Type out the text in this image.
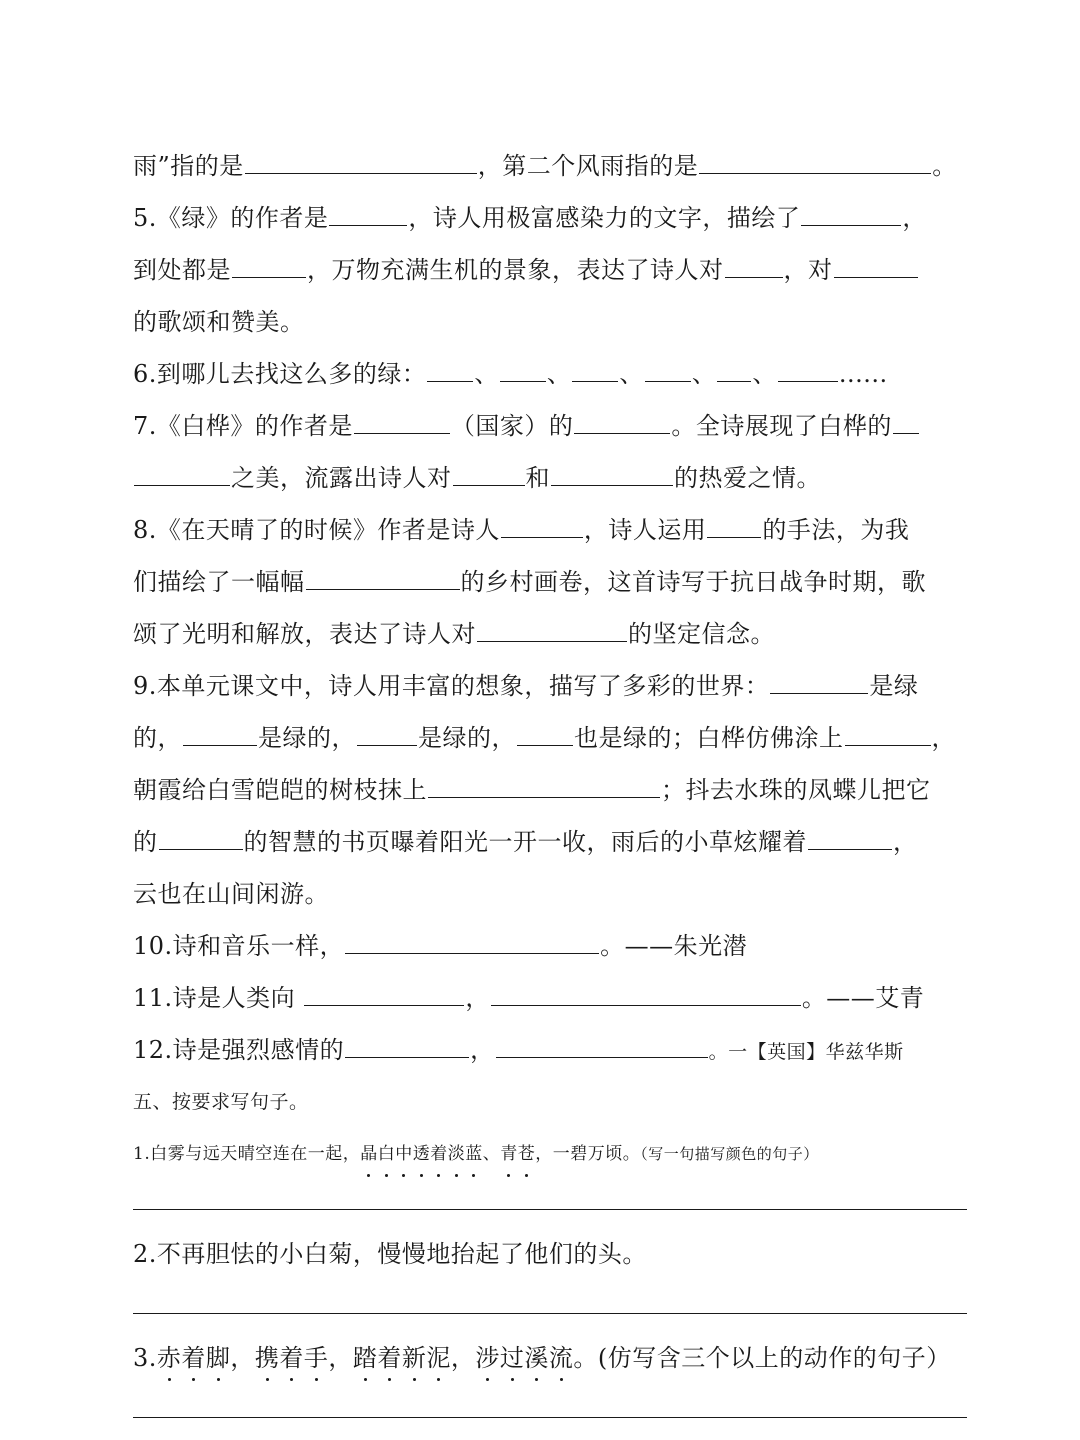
雨”指的是	，第二个风雨指的是	。
5.《绿》的作者是	，诗人用极富感染力的文字，描绘了	，
到处都是	，万物充满生机的景象，表达了诗人对	，对
的歌颂和赞美。
6.到哪儿去找这么多的绿： 、 、 、 、 、	......
7.《白桦》的作者是	（国家）的	。全诗展现了白桦的
之美，流露出诗人对	和	的热爱之情。
8.《在天晴了的时候》作者是诗人	，诗人运用 的手法，为我
们描绘了一幅幅	的乡村画卷，这首诗写于抗日战争时期，歌
颂了光明和解放，表达了诗人对	的坚定信念。
9.本单元课文中，诗人用丰富的想象，描写了多彩的世界：	是绿
的，	是绿的，	是绿的， 也是绿的；白桦仿佛涂上	，
朝霞给白雪皑皑的树枝抹上	；抖去水珠的凤蝶儿把它
的	的智慧的书页曝着阳光一开一收，雨后的小草炫耀着	，
云也在山间闲游。
10.诗和音乐一样，	。——朱光潜
11.诗是人类向	，	。——艾青
12.诗是强烈感情的	，	。一【英国】华兹华斯
五、按要求写句子。
1.白雾与远天晴空连在一起，晶白中透着淡蓝、青苍，一碧万顷。（写一句描写颜色的句子）
2.不再胆怯的小白菊，慢慢地抬起了他们的头。
3.赤着脚，携着手，踏着新泥，涉过溪流。(仿写含三个以上的动作的句子）
